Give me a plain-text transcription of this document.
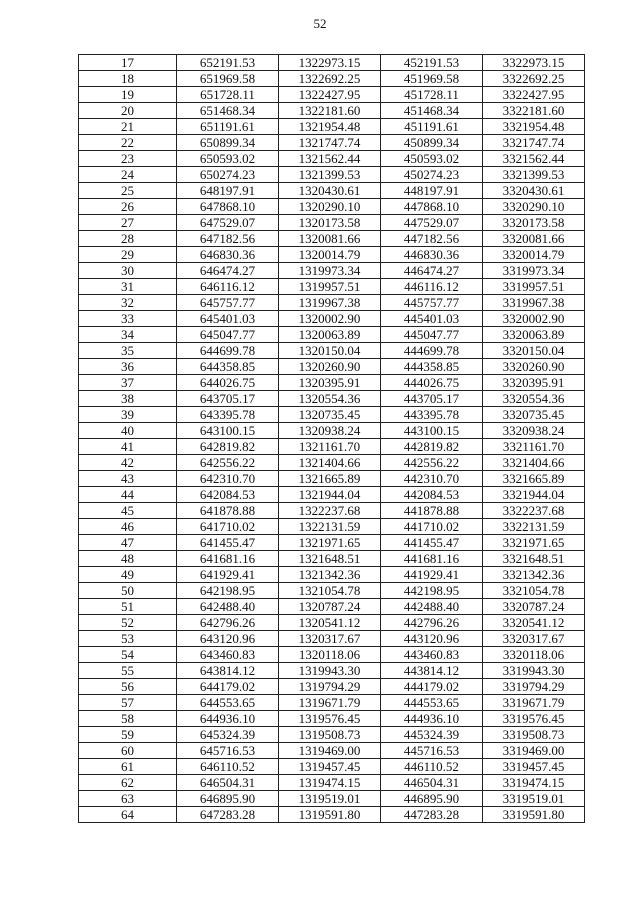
52
17	652191.53	1322973.15	452191.53	3322973.15
18	651969.58	1322692.25	451969.58	3322692.25
19	651728.11	1322427.95	451728.11	3322427.95
20	651468.34	1322181.60	451468.34	3322181.60
21	651191.61	1321954.48	451191.61	3321954.48
22	650899.34	1321747.74	450899.34	3321747.74
23	650593.02	1321562.44	450593.02	3321562.44
24	650274.23	1321399.53	450274.23	3321399.53
25	648197.91	1320430.61	448197.91	3320430.61
26	647868.10	1320290.10	447868.10	3320290.10
27	647529.07	1320173.58	447529.07	3320173.58
28	647182.56	1320081.66	447182.56	3320081.66
29	646830.36	1320014.79	446830.36	3320014.79
30	646474.27	1319973.34	446474.27	3319973.34
31	646116.12	1319957.51	446116.12	3319957.51
32	645757.77	1319967.38	445757.77	3319967.38
33	645401.03	1320002.90	445401.03	3320002.90
34	645047.77	1320063.89	445047.77	3320063.89
35	644699.78	1320150.04	444699.78	3320150.04
36	644358.85	1320260.90	444358.85	3320260.90
37	644026.75	1320395.91	444026.75	3320395.91
38	643705.17	1320554.36	443705.17	3320554.36
39	643395.78	1320735.45	443395.78	3320735.45
40	643100.15	1320938.24	443100.15	3320938.24
41	642819.82	1321161.70	442819.82	3321161.70
42	642556.22	1321404.66	442556.22	3321404.66
43	642310.70	1321665.89	442310.70	3321665.89
44	642084.53	1321944.04	442084.53	3321944.04
45	641878.88	1322237.68	441878.88	3322237.68
46	641710.02	1322131.59	441710.02	3322131.59
47	641455.47	1321971.65	441455.47	3321971.65
48	641681.16	1321648.51	441681.16	3321648.51
49	641929.41	1321342.36	441929.41	3321342.36
50	642198.95	1321054.78	442198.95	3321054.78
51	642488.40	1320787.24	442488.40	3320787.24
52	642796.26	1320541.12	442796.26	3320541.12
53	643120.96	1320317.67	443120.96	3320317.67
54	643460.83	1320118.06	443460.83	3320118.06
55	643814.12	1319943.30	443814.12	3319943.30
56	644179.02	1319794.29	444179.02	3319794.29
57	644553.65	1319671.79	444553.65	3319671.79
58	644936.10	1319576.45	444936.10	3319576.45
59	645324.39	1319508.73	445324.39	3319508.73
60	645716.53	1319469.00	445716.53	3319469.00
61	646110.52	1319457.45	446110.52	3319457.45
62	646504.31	1319474.15	446504.31	3319474.15
63	646895.90	1319519.01	446895.90	3319519.01
64	647283.28	1319591.80	447283.28	3319591.80
